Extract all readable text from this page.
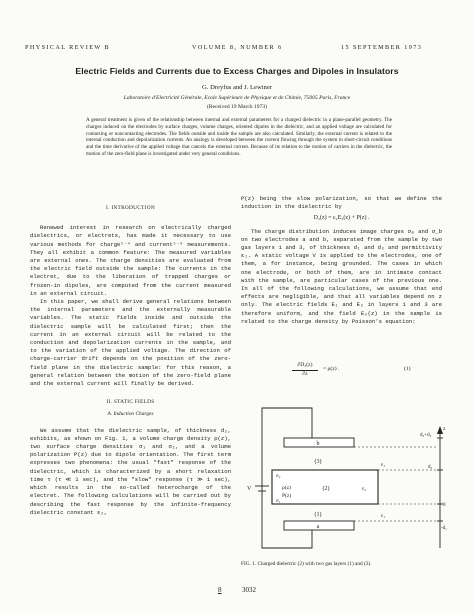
PHYSICAL REVIEW B	VOLUME 8, NUMBER 6	15 SEPTEMBER 1973
Electric Fields and Currents due to Excess Charges and Dipoles in Insulators
G. Dreyfus and J. Lewiner
Laboratoire d'Electricité Générale, Ecole Supérieure de Physique et de Chimie, 75005 Paris, France
(Received 19 March 1973)
A general treatment is given of the relationship between internal and external parameters for a charged dielectric in a plane-parallel geometry. The charges induced on the electrodes by surface charges, volume charges, oriented dipoles in the dielectric, and an applied voltage are calculated for contacting or noncontacting electrodes. The fields outside and inside the sample are also calculated. Similarly, the external current is related to the internal conduction and depolarization currents. An analogy is developed between the current flowing through the system in short-circuit conditions and the time derivative of the applied voltage that cancels the external current. Because of its relation to the motion of carriers in the dielectric, the motion of the zero-field plane is investigated under very general conditions.
I. INTRODUCTION

Renewed interest in research on electrically charged dielectrics, or electrets, has made it necessary to use various methods for charge¹⁻⁴ and current⁵⁻⁹ measurements. They all exhibit a common feature: The measured variables are external ones. The charge densities are evaluated from the electric field outside the sample: The currents in the electret, due to the liberation of trapped charges or frozen-in dipoles, are computed from the current measured in an external circuit.

In this paper, we shall derive general relations between the internal parameters and the externally measurable variables. The static fields inside and outside the dielectric sample will be calculated first; then the current in an external circuit will be related to the conduction and depolarization currents in the sample, and to the variation of the applied voltage. The direction of charge-carrier drift depends on the position of the zero-field plane in the dielectric sample: for this reason, a general relation between the motion of the zero-field plane and the external current will finally be derived.

II. STATIC FIELDS
A. Induction Charges

We assume that the dielectric sample, of thickness d₂, exhibits, as shown on Fig. 1, a volume charge density ρ(z), two surface charge densities σ₁ and σ₂, and a volume polarization P(z) due to dipole orientation. The first term expresses two phenomena: the usual "fast" response of the dielectric, which is characterized by a short relaxation time τ (τ ≪ 1 sec), and the "slow" response (τ ≫ 1 sec), which results in the so-called heterocharge of the electret. The following calculations will be carried out by describing the fast response by the infinite-frequency dielectric constant ε₂,

P(z) being the slow polarization, so that we define the induction in the dielectric by

D₂(z) = ε₂E₂(z) + P(z) .

The charge distribution induces image charges σₐ and σ_b on two electrodes a and b, separated from the sample by two gas layers 1 and 3, of thickness d₁ and d₃ and permittivity ε₁. A static voltage V is applied to the electrodes, one of them, a for instance, being grounded. The cases in which one electrode, or both of them, are in intimate contact with the sample, are particular cases of the previous one. In all of the following calculations, we assume that end effects are negligible, and that all variables depend on z only. The electric fields E₁ and E₃ in layers 1 and 3 are therefore uniform, and the field E₂(z) in the sample is related to the charge density by Poisson's equation:

∂D₂(z)
∂z
= ρ(z) .	(1)
b
a
(3)
(2)
(1)
V
σ₂
σ₁
ρ(z)
P(z)
ε₁
ε₂
ε₁
z
d₂+d₃
d₂
0
-d₁
FIG. 1. Charged dielectric (2) with two gas layers (1) and (3).
8	3032
